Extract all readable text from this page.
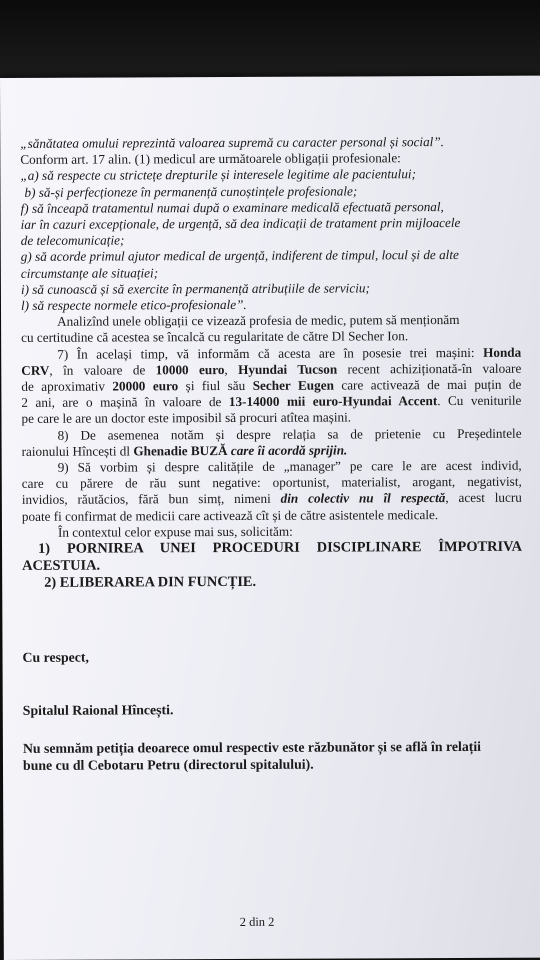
„sănătatea omului reprezintă valoarea supremă cu caracter personal și social”.
Conform art. 17 alin. (1) medicul are următoarele obligații profesionale:
„a) să respecte cu strictețe drepturile și interesele legitime ale pacientului;
b) să-și perfecționeze în permanență cunoștințele profesionale;
f) să înceapă tratamentul numai după o examinare medicală efectuată personal,
iar în cazuri excepționale, de urgență, să dea indicații de tratament prin mijloacele
de telecomunicație;
g) să acorde primul ajutor medical de urgență, indiferent de timpul, locul și de alte
circumstanțe ale situației;
i) să cunoască și să exercite în permanență atribuțiile de serviciu;
l) să respecte normele etico-profesionale”.
Analizînd unele obligații ce vizează profesia de medic, putem să menționăm
cu certitudine că acestea se încalcă cu regularitate de către Dl Secher Ion.
7) În același timp, vă informăm că acesta are în posesie trei mașini: Honda
CRV, în valoare de 10000 euro, Hyundai Tucson recent achiziționată-în valoare
de aproximativ 20000 euro și fiul său Secher Eugen care activează de mai puțin de
2 ani, are o mașină în valoare de 13-14000 mii euro-Hyundai Accent. Cu veniturile
pe care le are un doctor este imposibil să procuri atîtea mașini.
8) De asemenea notăm și despre relația sa de prietenie cu Președintele
raionului Hîncești dl Ghenadie BUZĂ care îi acordă sprijin.
9) Să vorbim și despre calitățile de „manager” pe care le are acest individ,
care cu părere de rău sunt negative: oportunist, materialist, arogant, negativist,
invidios, răutăcios, fără bun simț, nimeni din colectiv nu îl respectă, acest lucru
poate fi confirmat de medicii care activează cît și de către asistentele medicale.
În contextul celor expuse mai sus, solicităm:
1) PORNIREA UNEI PROCEDURI DISCIPLINARE ÎMPOTRIVA
ACESTUIA.
2) ELIBERAREA DIN FUNCȚIE.
Cu respect,
Spitalul Raional Hîncești.
Nu semnăm petiția deoarece omul respectiv este răzbunător și se află în relații
bune cu dl Cebotaru Petru (directorul spitalului).
2 din 2
